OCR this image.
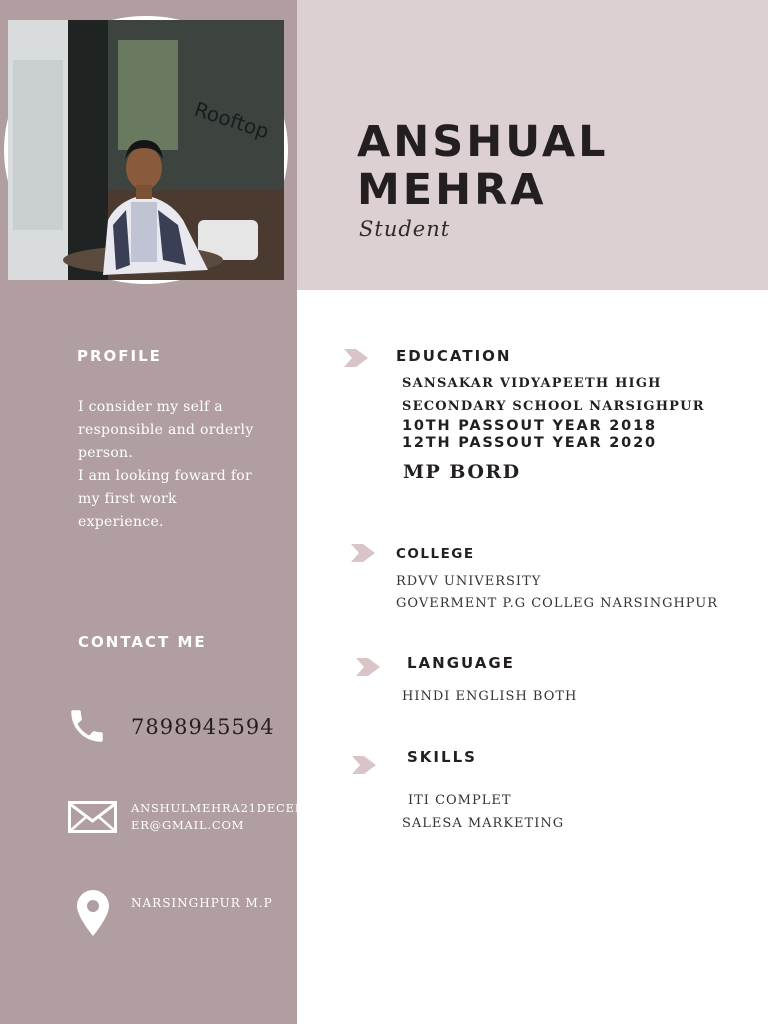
Rooftop ANSHUAL
MEHRA
Student
PROFILE
I consider my self a
responsible and orderly
person.
I am looking foward for
my first work
experience.
CONTACT ME
7898945594
ANSHULMEHRA21DECEMB
ER@GMAIL.COM
NARSINGHPUR M.P
EDUCATION
SANSAKAR VIDYAPEETH HIGH
SECONDARY SCHOOL NARSIGHPUR
10TH PASSOUT YEAR 2018
12TH PASSOUT YEAR 2020
MP BORD
COLLEGE
RDVV UNIVERSITY
GOVERMENT P.G COLLEG NARSINGHPUR
LANGUAGE
HINDI ENGLISH BOTH
SKILLS
ITI COMPLET
SALESA MARKETING
